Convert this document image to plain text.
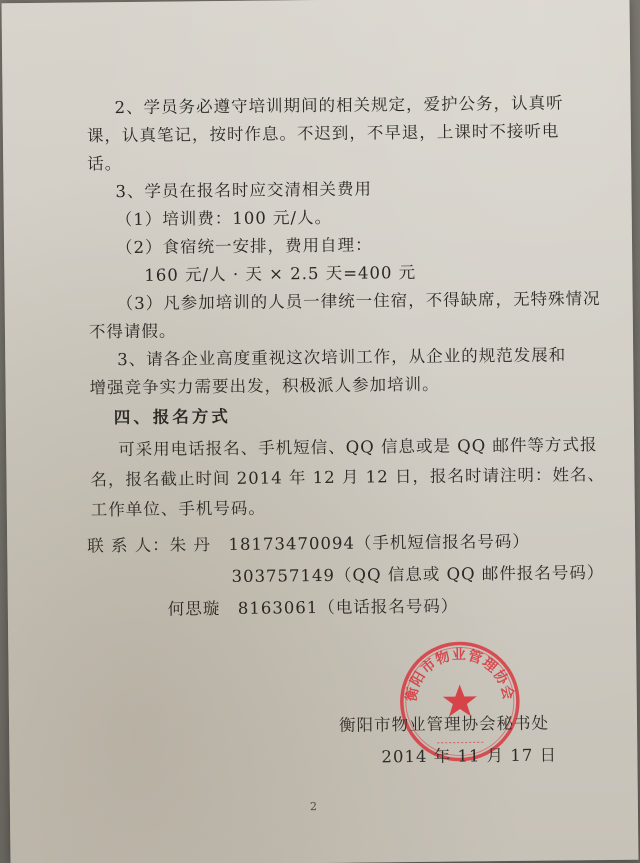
2、学员务必遵守培训期间的相关规定，爱护公务，认真听
课，认真笔记，按时作息。不迟到，不早退，上课时不接听电
话。
3、学员在报名时应交清相关费用
（1）培训费：100 元/人。
（2）食宿统一安排，费用自理：
160 元/人 · 天 × 2.5 天=400 元
（3）凡参加培训的人员一律统一住宿，不得缺席，无特殊情况
不得请假。
3、请各企业高度重视这次培训工作，从企业的规范发展和
增强竞争实力需要出发，积极派人参加培训。
四、报名方式
可采用电话报名、手机短信、QQ 信息或是 QQ 邮件等方式报
名，报名截止时间 2014 年 12 月 12 日，报名时请注明：姓名、
工作单位、手机号码。
联 系 人：朱 丹　18173470094（手机短信报名号码）
303757149（QQ 信息或 QQ 邮件报名号码）
何思璇　8163061（电话报名号码）
衡阳市物业管理协会
衡阳市物业管理协会秘书处
2014 年 11 月 17 日
2
